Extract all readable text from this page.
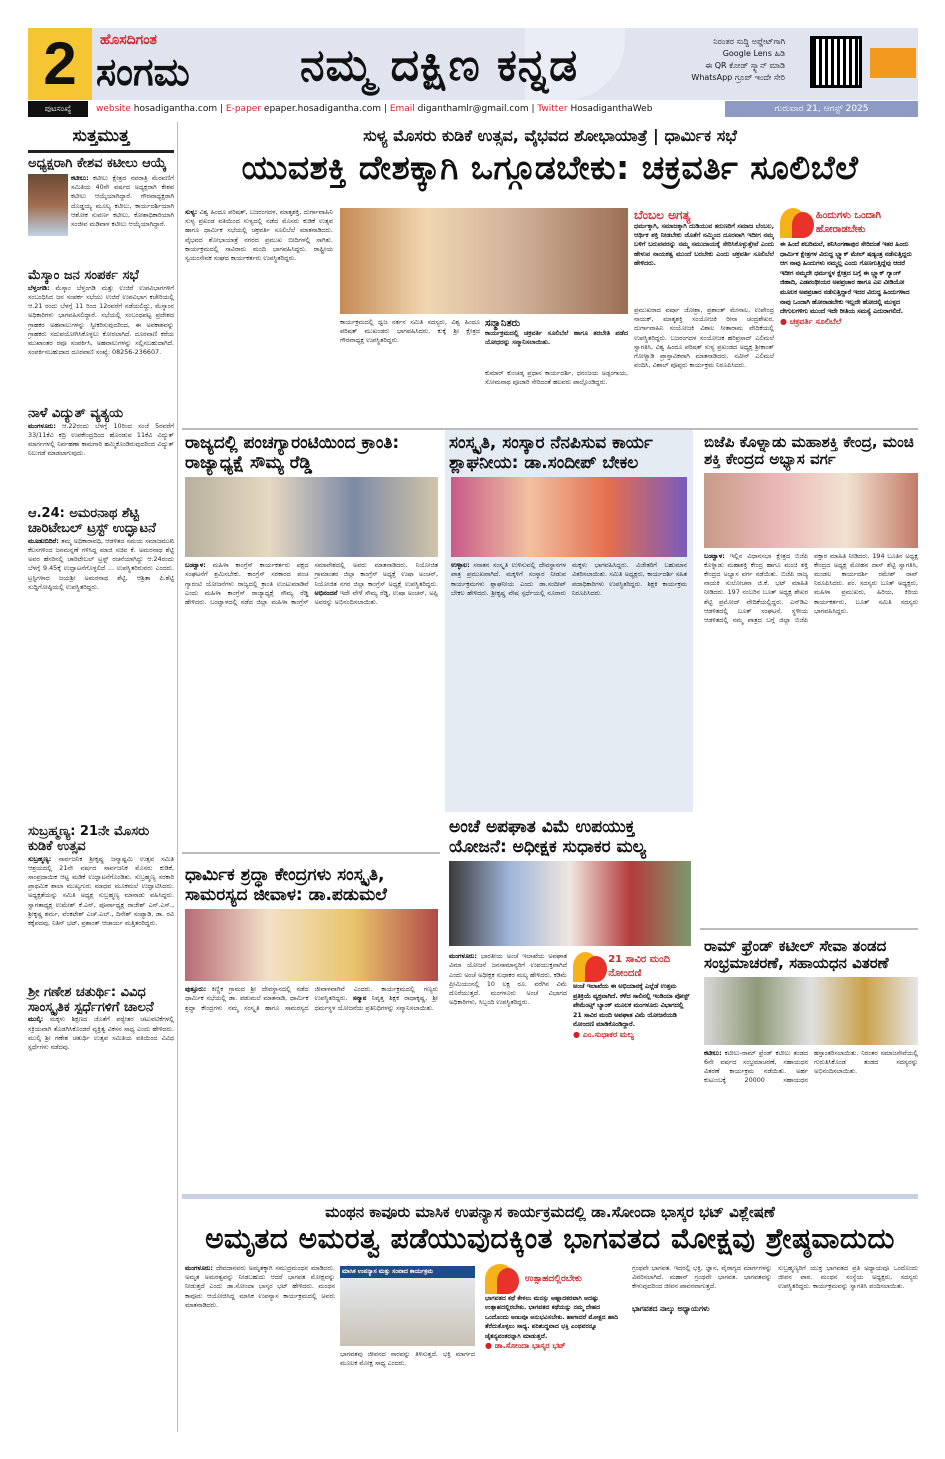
2	ಹೊಸದಿಗಂತ
ಸಂಗಮ	ನಮ್ಮ ದಕ್ಷಿಣ ಕನ್ನಡ	ನಿರಂತರ ಸುದ್ದಿ ಅಪ್ಡೇಟ್‌ಗಾಗಿ
Google Lens ಹಿಡಿ
ಈ QR ಕೋಡ್ ಸ್ಕ್ಯಾನ್ ಮಾಡಿ
WhatsApp ಗ್ರೂಪ್ ಇಂದೇ ಸೇರಿ
ಪುಟಸಂಖ್ಯೆ	website hosadigantha.com | E-paper epaper.hosadigantha.com | Email diganthamlr@gmail.com | Twitter HosadiganthaWeb	ಗುರುವಾರ 21, ಆಗಸ್ಟ್ 2025
ಸುತ್ತಮುತ್ತ
ಅಧ್ಯಕ್ಷರಾಗಿ ಕೇಶವ ಕಟೀಲು ಆಯ್ಕೆ
ಕಟೀಲು: ಕಟೀಲು ಕ್ಷೇತ್ರದ ನವರಾತ್ರಿ ಮೆರವಣಿಗೆ ಸಮಿತಿಯ 40ನೇ ವರ್ಷದ ಅಧ್ಯಕ್ಷರಾಗಿ ಕೇಶವ ಕಟೀಲು ಆಯ್ಕೆಯಾಗಿದ್ದಾರೆ. ಗೌರವಾಧ್ಯಕ್ಷರಾಗಿ ದೊಡ್ಡಯ್ಯ ಮೂಲ್ಯ ಕಟೀಲು, ಕಾರ್ಯದರ್ಶಿಯಾಗಿ ಆಶೋಕ ಸುವರ್ಣ ಕಟೀಲು, ಕೋಶಾಧಿಕಾರಿಯಾಗಿ ಸಂಜೀವ ಮಡಿವಾಳ ಕಟೀಲು ಆಯ್ಕೆಯಾಗಿದ್ದಾರೆ.
ಮೆಸ್ಕಾಂ ಜನ ಸಂಪರ್ಕ ಸಭೆ
ಬೆಳ್ತಂಗಡಿ: ಮೆಸ್ಕಾಂ ಬೆಳ್ತಂಗಡಿ ಮತ್ತು ಉಜಿರೆ ಉಪವಿಭಾಗಗಳಿಗೆ ಸಂಬಂಧಿಸಿದ ಜನ ಸಂಪರ್ಕ ಸಭೆಯು ಉಜಿರೆ ಉಪವಿಭಾಗ ಕಚೇರಿಯಲ್ಲಿ ಆ.21 ರಂದು ಬೆಳಗ್ಗೆ 11 ರಿಂದ 12ರವರೆಗೆ ನಡೆಯಲಿದ್ದು, ಮೆಸ್ಕಾಂನ ಅಧಿಕಾರಿಗಳು ಭಾಗವಹಿಸಲಿದ್ದಾರೆ. ಸಭೆಯಲ್ಲಿ ಸಂಬಂಧಪಟ್ಟ ಪ್ರದೇಶದ ಗ್ರಾಹಕರ ಅಹವಾಲುಗಳನ್ನು ಸ್ವೀಕರಿಸುವುದರಿಂದ, ಈ ಅವಕಾಶವನ್ನು ಗ್ರಾಹಕರು ಸದುಪಯೋಗಿಸಿಕೊಳ್ಳಲು ಕೋರಲಾಗಿದೆ. ದೂರವಾಣಿ ಕರೆಯ ಮುಖಾಂತರ ರವೂ ಸಂಪರ್ಕಿಸಿ, ಅಹವಾಲುಗಳನ್ನು ಸಲ್ಲಿಸಬಹುದಾಗಿದೆ. ಸಂಪರ್ಕಿಸಬಹುದಾದ ದೂರವಾಣಿ ಸಂಖ್ಯೆ: 08256-236607.
ನಾಳೆ ವಿದ್ಯುತ್ ವ್ಯತ್ಯಯ
ಮಂಗಳೂರು: ಆ.22ರಂದು ಬೆಳಗ್ಗೆ 10ರಿಂದ ಸಂಜೆ 5ರವರೆಗೆ 33/11ಕೆವಿ ಕದ್ರಿ ಉಪಕೇಂದ್ರದಿಂದ ಹೊರಡುವ 11ಕೆವಿ ವಿದ್ಯುತ್ ಮಾರ್ಗಗಳಲ್ಲಿ ನಿರ್ವಹಣಾ ಕಾಮಗಾರಿ ಹಮ್ಮಿಕೊಂಡಿರುವುದರಿಂದ ವಿದ್ಯುತ್ ನಿಲುಗಡೆ ಮಾಡಲಾಗುವುದು.
ಆ.24: ಅಮರನಾಥ ಶೆಟ್ಟಿ ಚಾರಿಟೇಬಲ್ ಟ್ರಸ್ಟ್ ಉದ್ಘಾಟನೆ
ಮೂಡುಬಿದಿರೆ: ತಮ್ಮ ಅಧಿಕಾರಾವಧಿ, ಆಡಳಿತದ ಸಮಯ ಸಮಾಜಮುಖಿ ಕೆಲಸಗಳಿಂದ ಜನಮನ್ನಣೆ ಗಳಿಸಿದ್ದ ಮಾಜಿ ಸಚಿವ ಕೆ. ಅಮರನಾಥ ಶೆಟ್ಟಿ ಅವರ ಹೆಸರಿನಲ್ಲಿ ಚಾರಿಟೇಬಲ್ ಟ್ರಸ್ಟ್ ರಚನೆಯಾಗಿದ್ದು ಆ.24ರಂದು ಬೆಳಗ್ಗೆ 9.45ಕ್ಕೆ ಉದ್ಘಾಟನೆಗೊಳ್ಳಲಿದೆ ... ಉಪಸ್ಥಿತರಿರುವರು ಎಂದರು. ಟ್ರಸ್ಟಿಗಳಾದ ಜಯಶ್ರೀ ಅಮರನಾಥ ಶೆಟ್ಟಿ, ಆಶ್ರಿತಾ ಪಿ.ಶೆಟ್ಟಿ ಸುದ್ದಿಗೋಷ್ಠಿಯಲ್ಲಿ ಉಪಸ್ಥಿತರಿದ್ದರು.
ಸುಬ್ರಹ್ಮಣ್ಯ: 21ನೇ ಮೊಸರು ಕುಡಿಕೆ ಉತ್ಸವ
ಸುಬ್ರಹ್ಮಣ್ಯ: ಸಾರ್ವಜನಿಕ ಶ್ರೀಕೃಷ್ಣ ಜನ್ಮಾಷ್ಟಮಿ ಉತ್ಸವ ಸಮಿತಿ ಆಶ್ರಯದಲ್ಲಿ 21ನೇ ವರ್ಷದ ಸಾರ್ವಜನಿಕ ಮೊಸರು ಕುಡಿಕೆ, ಸಾಂಪ್ರದಾಯಿಕ ಆಟ್ಟ ಮಡಿಕೆ ಉದ್ಘಾಟನೆಗೊಂಡಿತು. ಸುಬ್ರಹ್ಮಣ್ಯ ಸರಕಾರಿ ಪ್ರಾಥಮಿಕ ಶಾಲಾ ಮುಖ್ಯಗುರು ಮಾಧವ ಮೂಕಮಲೆ ಉದ್ಘಾಟಿಸಿದರು. ಅಧ್ಯಕ್ಷತೆಯನ್ನು ಸಮಿತಿ ಅಧ್ಯಕ್ಷ ಸುಬ್ರಹ್ಮಣ್ಯ ಮಾನಾಡು ವಹಿಸಿದ್ದರು. ಸ್ವಾಗತಾಧ್ಯಕ್ಷ ಉಮೇಶ್ ಕೆ.ಎನ್, ಪೂರ್ವಾಧ್ಯಕ್ಷ ರಾಜೇಶ್ ಎನ್.ಎಸ್., ಶ್ರೀಕೃಷ್ಣ ಶರ್ಮ, ವೆಂಕಟೇಶ್ ಎಚ್.ಎಲ್., ದಿನೇಶ್ ಸಂಪ್ಯಾಡಿ, ಡಾ. ರವಿ ಕಕ್ಕೆಪದವು, ನಿತಿನ್ ಭಟ್, ಪ್ರಶಾಂತ್ ಆಚಾರ್ಯ ಮತ್ತಿತರರಿದ್ದರು.
ಶ್ರೀ ಗಣೇಶ ಚತುರ್ಥಿ: ವಿವಿಧ ಸಾಂಸ್ಕೃತಿಕ ಸ್ಪರ್ಧೆಗಳಿಗೆ ಚಾಲನೆ
ಮುಲ್ಕಿ: ಮಕ್ಕಳು ಶಿಕ್ಷಣದ ಜೊತೆಗೆ ಪಠ್ಯೇತರ ಚಟುವಟಿಕೆಗಳಲ್ಲಿ ಸಕ್ರಿಯವಾಗಿ ತೊಡಗಿಸಿಕೊಂಡರೆ ವ್ಯಕ್ತಿತ್ವ ವಿಕಸನ ಸಾಧ್ಯ ಎಂದು ಹೇಳಿದರು. ಮುಲ್ಕಿ ಶ್ರೀ ಗಣೇಶ ಚತುರ್ಥಿ ಉತ್ಸವ ಸಮಿತಿಯ ವತಿಯಿಂದ ವಿವಿಧ ಸ್ಪರ್ಧೆಗಳು ನಡೆದವು.
ಸುಳ್ಯ ಮೊಸರು ಕುಡಿಕೆ ಉತ್ಸವ, ವೈಭವದ ಶೋಭಾಯಾತ್ರೆ | ಧಾರ್ಮಿಕ ಸಭೆ
ಯುವಶಕ್ತಿ ದೇಶಕ್ಕಾಗಿ ಒಗ್ಗೂಡಬೇಕು: ಚಕ್ರವರ್ತಿ ಸೂಲಿಬೆಲೆ
ಸುಳ್ಯ: ವಿಶ್ವ ಹಿಂದೂ ಪರಿಷತ್, ಬಜರಂಗದಳ, ಮಾತೃಶಕ್ತಿ, ದುರ್ಗಾವಾಹಿನಿ ಸುಳ್ಯ ಪ್ರಖಂಡ ವತಿಯಿಂದ ಸುಳ್ಯದಲ್ಲಿ ನಡೆದ ಮೊಸರು ಕುಡಿಕೆ ಉತ್ಸವ ಹಾಗೂ ಧಾರ್ಮಿಕ ಸಭೆಯಲ್ಲಿ ಚಕ್ರವರ್ತಿ ಸೂಲಿಬೆಲೆ ಮಾತನಾಡಿದರು. ವೈಭವದ ಶೋಭಾಯಾತ್ರೆ ನಗರದ ಪ್ರಮುಖ ಬೀದಿಗಳಲ್ಲಿ ಸಾಗಿತು. ಕಾರ್ಯಕ್ರಮದಲ್ಲಿ ಸಾವಿರಾರು ಮಂದಿ ಭಾಗವಹಿಸಿದ್ದರು. ರಾಷ್ಟ್ರೀಯ ಸ್ವಯಂಸೇವಕ ಸಂಘದ ಕಾರ್ಯಕರ್ತರು ಉಪಸ್ಥಿತರಿದ್ದರು.
ಕಾರ್ಯಕ್ರಮದಲ್ಲಿ ಧ್ವಜ ನರ್ತನ ಸಮಿತಿ ಸದಸ್ಯರು, ವಿಶ್ವ ಹಿಂದೂ ಪರಿಷತ್ ಮುಖಂಡರು ಭಾಗವಹಿಸಿದರು. ಕುಕ್ಕೆ ಶ್ರೀ ಕ್ಷೇತ್ರದ ಗೌರವಾಧ್ಯಕ್ಷ ಉಪಸ್ಥಿತರಿದ್ದರು.
ಸನ್ಮಾನಿತರು
ಕಾರ್ಯಕ್ರಮದಲ್ಲಿ ಚಕ್ರವರ್ತಿ ಸೂಲಿಬೆಲೆ ಹಾಗೂ ತರಬೇತಿ ಪಡೆದ ಯೋಧರನ್ನು ಸನ್ಮಾನಿಸಲಾಯಿತು.
ಕುಮಾರ್ ಕುಂಚಡ್ಕ ಪ್ರಧಾನ ಕಾರ್ಯದರ್ಶಿ, ಧನಂಜಯ ಅಡ್ಪಂಗಾಯ, ಸೋಮನಾಥ ಪೂಜಾರಿ ಸೇರಿದಂತೆ ಹಲವರು ಪಾಲ್ಗೊಂಡಿದ್ದರು.
ಬೆಂಬಲ ಅಗತ್ಯ
ಧರ್ಮಕ್ಕಾಗಿ, ಸಮಾಜಕ್ಕಾಗಿ ದುಡಿಯುವ ತರುಣರಿಗೆ ಸಮಾಜ ಬೆಂಬಲ, ಆರ್ಥಿಕ ಶಕ್ತಿ ನೀಡಬೇಕು ಜೊತೆಗೆ ನಮ್ಮಿಂದ ದೂರವಾಗಿ ಇದೀಗ ನಮ್ಮ ಬಳಿಗೆ ಬರುವವರನ್ನು ನಮ್ಮ ಸಮುದಾಯಕ್ಕೆ ಸೇರಿಸಿಕೊಳ್ಳುತ್ತೇವೆ ಎಂದು ಹೇಳುವ ನಾಯಕತ್ವ ಮುಂದೆ ಬರಬೇಕು ಎಂದು ಚಕ್ರವರ್ತಿ ಸೂಲಿಬೆಲೆ ಹೇಳಿದರು.
ಪ್ರಮುಖರಾದ ವರ್ಷಾ ಜೋಶ್ರಾ, ಪ್ರಶಾಂತ್ ಮೇನಾಲ, ಉಪೇಂದ್ರ ನಾಯಕ್, ಮಾತೃಶಕ್ತಿ ಸಂಯೋಜಕಿ ರೀನಾ ಚಂದ್ರಶೇಖರ, ದುರ್ಗಾವಾಹಿನಿ ಸಂಯೋಜಕಿ ವಿಶಾಲ ಸೀತಾರಾಮ ವೇದಿಕೆಯಲ್ಲಿ ಉಪಸ್ಥಿತರಿದ್ದರು. ಬಜರಂಗದಳ ಸಂಯೋಜಕ ಹರಿಪ್ರಸಾದ್ ಎಲಿಮಲೆ ಸ್ವಾಗತಿಸಿ, ವಿಶ್ವ ಹಿಂದೂ ಪರಿಷತ್ ಸುಳ್ಯ ಪ್ರಖಂಡದ ಅಧ್ಯಕ್ಷ ಶ್ರೀಕಾಂತ್ ಗೋಳ್ಯಾಡಿ ಪ್ರಾಸ್ತಾವಿಕವಾಗಿ ಮಾತನಾಡಿದರು. ನವೀನ್ ಎಲಿಮಲೆ ವಂದಿಸಿ, ವಿಶಾಲ್ ಪೂಪ್ಪರು ಕಾರ್ಯಕ್ರಮ ನಿರೂಪಿಸಿದರು.
ಹಿಂದುಗಳು ಒಂದಾಗಿ ಹೋರಾಡಬೇಕು
ಈ ಹಿಂದೆ ಶಬರಿಮಲೆ, ಶನಿಸಿಂಗಣಾಪುರ ಸೇರಿದಂತೆ ಇತರ ಹಿಂದು ಧಾರ್ಮಿಕ ಕ್ಷೇತ್ರಗಳ ವಿರುದ್ಧ ಬ್ಲ್ಯಾಕ್ ಮೇಲ್ ಷಡ್ಯಂತ್ರ ನಡೆಸುತ್ತಿದ್ದರು ಆಗ ನಾವು ಹಿಂದುಗಳು ನಮ್ಮಲ್ಲ ಎಂದು ಗೊಣಗುತ್ತಿದ್ದೆವು ಆದರೆ ಇದೀಗ ನಮ್ಮದೇ ಧರ್ಮಸ್ಥಳ ಕ್ಷೇತ್ರದ ಬಗ್ಗೆ ಈ ಬ್ಲ್ಯಾಕ್ ಗ್ಯಾಂಗ್ ಜಿಹಾದಿ, ಎಡಪಂಥೀಯರ ಅಪಪ್ರಚಾರ ಹಾಗೂ ಎಐ ವೀಡಿಯೋ ಮೂಲಕ ಅಪಪ್ರಚಾರ ನಡೆಸುತ್ತಿದ್ದಾರೆ ಇದರ ವಿರುದ್ಧ ಹಿಂದುಗಳಾದ ನಾವು ಒಂದಾಗಿ ಹೋರಾಡಬೇಕು ಇಲ್ಲದೇ ಹೋದಲ್ಲಿ ಮುಳ್ಳದ ದೇಗುಲಗಳಿಗು ಮುಂದೆ ಇದೇ ರೀತಿಯ ಸಮಸ್ಯೆ ಎದುರಾಗಲಿದೆ.
● ಚಕ್ರವರ್ತಿ ಸೂಲಿಬೆಲೆ
ರಾಜ್ಯದಲ್ಲಿ ಪಂಚಗ್ಯಾರಂಟಿಯಿಂದ ಕ್ರಾಂತಿ: ರಾಜ್ಯಾಧ್ಯಕ್ಷೆ ಸೌಮ್ಯ ರೆಡ್ಡಿ
ಬಂಟ್ವಾಳ: ಮಹಿಳಾ ಕಾಂಗ್ರೆಸ್ ಕಾರ್ಯಕರ್ತರು ಪಕ್ಷದ ಸಂಘಟನೆಗೆ ಶ್ರಮಿಸಬೇಕು. ಕಾಂಗ್ರೆಸ್ ಸರಕಾರದ ಪಂಚ ಗ್ಯಾರಂಟಿ ಯೋಜನೆಗಳು ರಾಜ್ಯದಲ್ಲಿ ಕ್ರಾಂತಿ ಉಂಟುಮಾಡಿವೆ ಎಂದು ಮಹಿಳಾ ಕಾಂಗ್ರೆಸ್ ರಾಜ್ಯಾಧ್ಯಕ್ಷೆ ಸೌಮ್ಯ ರೆಡ್ಡಿ ಹೇಳಿದರು. ಬಂಟ್ವಾಳದಲ್ಲಿ ನಡೆದ ಜಿಲ್ಲಾ ಮಹಿಳಾ ಕಾಂಗ್ರೆಸ್ ಸಮಾವೇಶದಲ್ಲಿ ಅವರು ಮಾತನಾಡಿದರು. ನಿಯೋಜಿತ ಗ್ರಾಮಾಂತರ ಜಿಲ್ಲಾ ಕಾಂಗ್ರೆಸ್ ಅಧ್ಯಕ್ಷೆ ಉಷಾ ಅಂಚನ್, ನಿಯೋಜಿತ ನಗರ ಜಿಲ್ಲಾ ಕಾಂಗ್ರೆಸ್ ಅಧ್ಯಕ್ಷೆ ಉಪಸ್ಥಿತರಿದ್ದರು. ಅಭಿನಂದನೆ ಇದೇ ವೇಳೆ ಸೌಮ್ಯ ರೆಡ್ಡಿ, ಉಷಾ ಅಂಚನ್, ಅಪ್ಪಿ ಅವರನ್ನು ಅಭಿನಂದಿಸಲಾಯಿತು.
ಸಂಸ್ಕೃತಿ, ಸಂಸ್ಕಾರ ನೆನಪಿಸುವ ಕಾರ್ಯ ಶ್ಲಾಘನೀಯ: ಡಾ.ಸಂದೀಪ್ ಬೇಕಲ
ಉಳ್ಳಾಲ: ಸನಾತನ ಸಂಸ್ಕೃತಿ ಉಳಿಸುವಲ್ಲಿ ದೇವಸ್ಥಾನಗಳ ಪಾತ್ರ ಪ್ರಮುಖವಾಗಿದೆ. ಮಕ್ಕಳಿಗೆ ಸಂಸ್ಕಾರ ನೀಡುವ ಕಾರ್ಯಕ್ರಮಗಳು ಶ್ಲಾಘನೀಯ ಎಂದು ಡಾ.ಸಂದೀಪ್ ಬೇಕಲ ಹೇಳಿದರು. ಶ್ರೀಕೃಷ್ಣ ವೇಷ ಸ್ಪರ್ಧೆಯಲ್ಲಿ ನೂರಾರು ಮಕ್ಕಳು ಭಾಗವಹಿಸಿದ್ದರು. ವಿಜೇತರಿಗೆ ಬಹುಮಾನ ವಿತರಿಸಲಾಯಿತು. ಸಮಿತಿ ಅಧ್ಯಕ್ಷರು, ಕಾರ್ಯದರ್ಶಿ ಸಹಿತ ಪದಾಧಿಕಾರಿಗಳು ಉಪಸ್ಥಿತರಿದ್ದರು. ಶಿಕ್ಷಕಿ ಕಾರ್ಯಕ್ರಮ ನಿರೂಪಿಸಿದರು.
ಬಿಜೆಪಿ ಕೊಳ್ನಾಡು ಮಹಾಶಕ್ತಿ ಕೇಂದ್ರ, ಮಂಚಿ ಶಕ್ತಿ ಕೇಂದ್ರದ ಅಭ್ಯಾಸ ವರ್ಗ
ಬಂಟ್ವಾಳ: ಇಲ್ಲಿನ ವಿಧಾನಸಭಾ ಕ್ಷೇತ್ರದ ಬಿಜೆಪಿ ಕೊಳ್ನಾಡು ಮಹಾಶಕ್ತಿ ಕೇಂದ್ರ ಹಾಗೂ ಮಂಚಿ ಶಕ್ತಿ ಕೇಂದ್ರದ ಅಭ್ಯಾಸ ವರ್ಗ ನಡೆಯಿತು. ಬಿಜೆಪಿ ರಾಜ್ಯ ನಾಯಕಿ ಸುಲೋಚನಾ ಜಿ.ಕೆ. ಭಟ್ ಮಾಹಿತಿ ನೀಡಿದರು. 197 ನಂಬರಿನ ಬೂತ್ ಅಧ್ಯಕ್ಷ ಶೇಖರ ಶೆಟ್ಟಿ ಪ್ರಮೋದ್ ವೇದಿಕೆಯಲ್ಲಿದ್ದರು. ಎನ್‌ಡಿಎ ಆಡಳಿತದಲ್ಲಿ ಬೂತ್ ಸಂಘಟನೆ, ಸ್ಥಳೀಯ ಆಡಳಿತದಲ್ಲಿ ನಮ್ಮ ಪಾತ್ರದ ಬಗ್ಗೆ ಜಿಲ್ಲಾ ಬಿಜೆಪಿ ವಕ್ತಾರ ಮಾಹಿತಿ ನೀಡಿದರು. 194 ಬೂತಿನ ಅಧ್ಯಕ್ಷ ಕೇಂದ್ರದ ಅಧ್ಯಕ್ಷ ಮೋಹನ ದಾಸ್ ಶೆಟ್ಟಿ ಸ್ವಾಗತಿಸಿ, ಮಂಡಲ ಕಾರ್ಯದರ್ಶಿ ರಮೇಶ್ ರಾವ್ ನಿರೂಪಿಸಿದರು. ಪಂ. ಸದಸ್ಯರು ಬೂತ್ ಅಧ್ಯಕ್ಷರು, ಮಹಿಳಾ ಪ್ರಮುಖರು, ಹಿರಿಯ, ಕಿರಿಯ ಕಾರ್ಯಕರ್ತರು, ಬೂತ್ ಸಮಿತಿ ಸದಸ್ಯರು ಭಾಗವಹಿಸಿದ್ದರು.
ಧಾರ್ಮಿಕ ಶ್ರದ್ಧಾ ಕೇಂದ್ರಗಳು ಸಂಸ್ಕೃತಿ, ಸಾಮರಸ್ಯದ ಜೀವಾಳ: ಡಾ.ಪಡುಮಲೆ
ಪುತ್ತೂರು: ಕಿಣ್ಣಿಕ ಗ್ರಾಮದ ಶ್ರೀ ದೇವಸ್ಥಾನದಲ್ಲಿ ನಡೆದ ಧಾರ್ಮಿಕ ಸಭೆಯಲ್ಲಿ ಡಾ. ಪಡುಮಲೆ ಮಾತನಾಡಿ, ಧಾರ್ಮಿಕ ಶ್ರದ್ಧಾ ಕೇಂದ್ರಗಳು ನಮ್ಮ ಸಂಸ್ಕೃತಿ ಹಾಗೂ ಸಾಮರಸ್ಯದ ಜೀವಾಳವಾಗಿವೆ ಎಂದರು. ಕಾರ್ಯಕ್ರಮದಲ್ಲಿ ಗಣ್ಯರು ಉಪಸ್ಥಿತರಿದ್ದರು. ಸನ್ಮಾನ ನಿವೃತ್ತ ಶಿಕ್ಷಕ ರಾಧಾಕೃಷ್ಣ, ಶ್ರೀ ಧರ್ಮಸ್ಥಳ ಯೋಜನೆಯ ಪ್ರತಿನಿಧಿಗಳನ್ನು ಸನ್ಮಾನಿಸಲಾಯಿತು.
ಅಂಚೆ ಅಪಘಾತ ವಿಮೆ ಉಪಯುಕ್ತ ಯೋಜನೆ: ಅಧೀಕ್ಷಕ ಸುಧಾಕರ ಮಲ್ಯ
ಮಂಗಳೂರು: ಭಾರತೀಯ ಅಂಚೆ ಇಲಾಖೆಯ ಅಪಘಾತ ವಿಮಾ ಯೋಜನೆ ಜನಸಾಮಾನ್ಯರಿಗೆ ಉಪಯುಕ್ತವಾಗಿದೆ ಎಂದು ಅಂಚೆ ಅಧೀಕ್ಷಕ ಸುಧಾಕರ ಮಲ್ಯ ಹೇಳಿದರು. ಕಡಿಮೆ ಪ್ರೀಮಿಯಂನಲ್ಲಿ 10 ಲಕ್ಷ ರೂ. ವರೆಗಿನ ವಿಮೆ ದೊರೆಯುತ್ತದೆ. ಮಂಗಳೂರು ಅಂಚೆ ವಿಭಾಗದ ಅಧಿಕಾರಿಗಳು, ಸಿಬ್ಬಂದಿ ಉಪಸ್ಥಿತರಿದ್ದರು.
21 ಸಾವಿರ ಮಂದಿ ನೋಂದಣಿ
ಅಂಚೆ ಇಲಾಖೆಯ ಈ ಅಭಿಯಾನಕ್ಕೆ ಎಲ್ಲೆಡೆ ಉತ್ತಮ ಪ್ರತಿಕ್ರಿಯೆ ವ್ಯಕ್ತವಾಗಿದೆ. ಕಳೆದ ಸಾಲಿನಲ್ಲಿ ಇಂಡಿಯಾ ಪೋಸ್ಟ್ ಪೇಮೆಂಟ್ಸ್ ಬ್ಯಾಂಕ್ ಮೂಲಕ ಮಂಗಳೂರು ವಿಭಾಗದಲ್ಲಿ 21 ಸಾವಿರ ಮಂದಿ ಅಪಘಾತ ವಿಮೆ ಯೋಜನೆಯಡಿ ನೋಂದಣಿ ಮಾಡಿಕೊಂಡಿದ್ದಾರೆ.
● ಎಂ.ಸುಧಾಕರ ಮಲ್ಯ
ರಾಮ್ ಫ್ರೆಂಡ್ ಕಟೀಲ್ ಸೇವಾ ತಂಡದ ಸಂಭ್ರಮಾಚರಣೆ, ಸಹಾಯಧನ ವಿತರಣೆ
ಕಟೀಲು: ಕಟೀಲು-ರಾಮ್ ಫ್ರೆಂಡ್ ಕಟೀಲು ತಂಡದ 6ನೇ ವರ್ಷದ ಸಂಭ್ರಮಾಚರಣೆ, ಸಹಾಯಧನ ವಿತರಣೆ ಕಾರ್ಯಕ್ರಮ ನಡೆಯಿತು. ಅರ್ಹ ಕುಟುಂಬಕ್ಕೆ 20000 ಸಹಾಯಧನ ಹಸ್ತಾಂತರಿಸಲಾಯಿತು. ನಿರಂತರ ಸಮಾಜಸೇವೆಯಲ್ಲಿ ಗುರುತಿಸಿಕೊಂಡ ತಂಡದ ಸದಸ್ಯರನ್ನು ಅಭಿನಂದಿಸಲಾಯಿತು.
ಮಂಥನ ಕಾವೂರು ಮಾಸಿಕ ಉಪನ್ಯಾಸ ಕಾರ್ಯಕ್ರಮದಲ್ಲಿ ಡಾ.ಸೋಂದಾ ಭಾಸ್ಕರ ಭಟ್ ವಿಶ್ಲೇಷಣೆ
ಅಮೃತದ ಅಮರತ್ವ ಪಡೆಯುವುದಕ್ಕಿಂತ ಭಾಗವತದ ಮೋಕ್ಷವು ಶ್ರೇಷ್ಠವಾದುದು
ಮಂಗಳೂರು: ದೇವದಾನವರು ಅಮೃತಕ್ಕಾಗಿ ಸಮುದ್ರಮಂಥನ ಮಾಡಿದರು. ಅಮೃತ ಅಮರತ್ವವನ್ನು ನೀಡಬಹುದು ಆದರೆ ಭಾಗವತ ಮೋಕ್ಷವನ್ನು ನೀಡುತ್ತದೆ ಎಂದು ಡಾ.ಸೋಂದಾ ಭಾಸ್ಕರ ಭಟ್ ಹೇಳಿದರು. ಮಂಥನ ಕಾವೂರು ಆಯೋಜಿಸಿದ್ದ ಮಾಸಿಕ ಉಪನ್ಯಾಸ ಕಾರ್ಯಕ್ರಮದಲ್ಲಿ ಅವರು ಮಾತನಾಡಿದರು.
ಮಾಸಿಕ ಉಪನ್ಯಾಸ ಮತ್ತು ಸಂವಾದ ಕಾರ್ಯಕ್ರಮ
ಭಾಗವತವು ಜೀವನದ ಸಾರವನ್ನು ತಿಳಿಸುತ್ತದೆ. ಭಕ್ತಿ ಮಾರ್ಗದ ಮೂಲಕ ಮೋಕ್ಷ ಸಾಧ್ಯ ಎಂದರು.
ಉತ್ಸಾಹದಲ್ಲಿರಬೇಕು
ಭಾಗವತದ ಕಥೆ ಕೇಳಲು ಮನಸ್ಸು ಆಹ್ಲಾದಕರವಾಗಿ ಆದಷ್ಟು ಉತ್ಸಾಹದಲ್ಲಿರಬೇಕು. ಭಾಗವತದ ಕಥೆಯನ್ನು ನಮ್ಮ ದೇಹದ ಒಂದೊಂದು ಅಣುವೂ ಅನುಭವಿಸಬೇಕು. ಹಾಗಾದರೆ ಮೋಕ್ಷದ ಹಾದಿ ತೆರೆದುಕೊಳ್ಳಲು ಸಾಧ್ಯ. ಪರಿಶುದ್ಧವಾದ ಭಕ್ತಿ ಎಂಥವರನ್ನೂ ಚೈತನ್ಯವಂತರನ್ನಾಗಿ ಮಾಡುತ್ತದೆ.
● ಡಾ.ಸೋಂದಾ ಭಾಸ್ಕರ ಭಟ್
ಗ್ರಂಥವೇ ಭಾಗವತ. ಇದರಲ್ಲಿ ಭಕ್ತಿ, ಜ್ಞಾನ, ವೈರಾಗ್ಯದ ಮಾರ್ಗಗಳನ್ನು ವಿವರಿಸಲಾಗಿದೆ. ಮಹಾನ್ ಗ್ರಂಥವೇ ಭಾಗವತ. ಭಾಗವತವನ್ನು ಕೇಳುವುದರಿಂದ ಜೀವನ ಪಾವನವಾಗುತ್ತದೆ.
ಭಾಗವತದ ನಾಲ್ಕು ಅಧ್ಯಾಯಗಳು
ಸುಬ್ರಹ್ಮಣ್ಯರಿಗೆ ಯುಕ್ತ ಭಾಗವತದ ಪ್ರತಿ ಅಧ್ಯಾಯವೂ ಒಂದೊಂದು ಜೀವನ ಪಾಠ. ಮಂಥನ ಸಂಸ್ಥೆಯ ಅಧ್ಯಕ್ಷರು, ಸದಸ್ಯರು ಉಪಸ್ಥಿತರಿದ್ದರು. ಕಾರ್ಯಕ್ರಮವನ್ನು ಸ್ವಾಗತಿಸಿ ವಂದಿಸಲಾಯಿತು.
